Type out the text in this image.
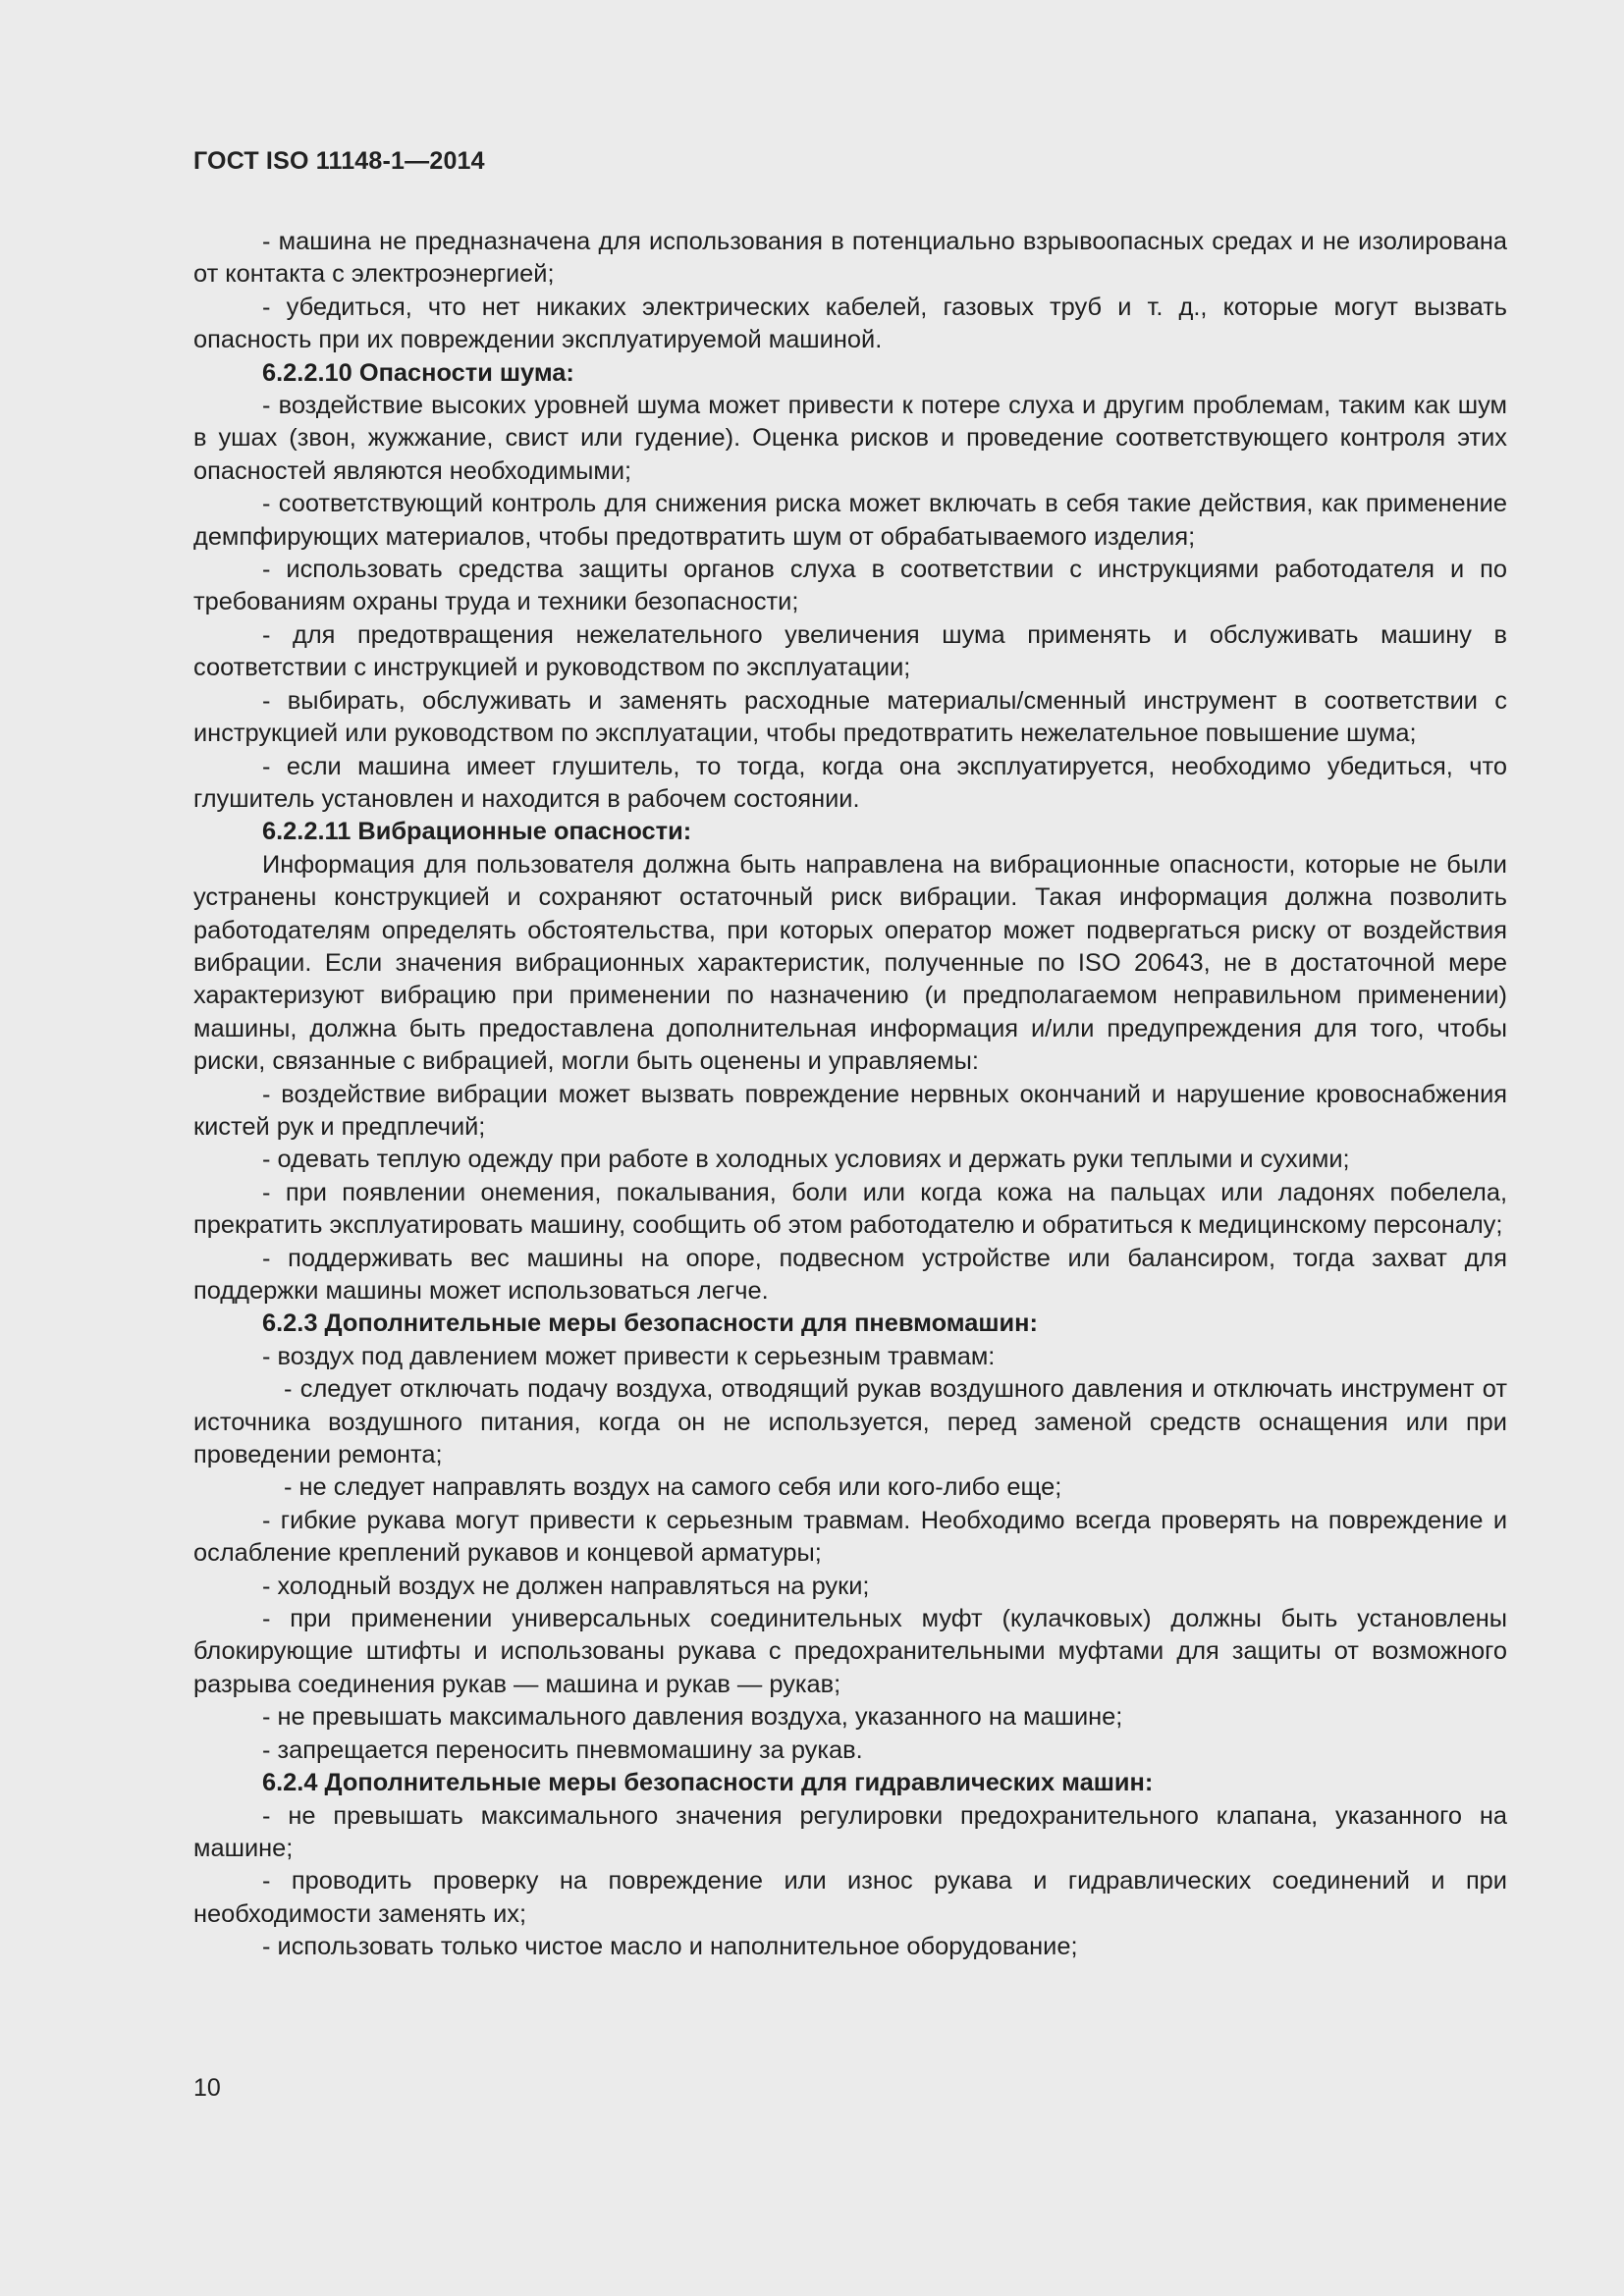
ГОСТ ISO 11148-1—2014

- машина не предназначена для использования в потенциально взрывоопасных средах и не изолирована от контакта с электроэнергией;

- убедиться, что нет никаких электрических кабелей, газовых труб и т. д., которые могут вызвать опасность при их повреждении эксплуатируемой машиной.

6.2.2.10 Опасности шума:

- воздействие высоких уровней шума может привести к потере слуха и другим проблемам, таким как шум в ушах (звон, жужжание, свист или гудение). Оценка рисков и проведение соответствующего контроля этих опасностей являются необходимыми;

- соответствующий контроль для снижения риска может включать в себя такие действия, как применение демпфирующих материалов, чтобы предотвратить шум от обрабатываемого изделия;

- использовать средства защиты органов слуха в соответствии с инструкциями работодателя и по требованиям охраны труда и техники безопасности;

- для предотвращения нежелательного увеличения шума применять и обслуживать машину в соответствии с инструкцией и руководством по эксплуатации;

- выбирать, обслуживать и заменять расходные материалы/сменный инструмент в соответствии с инструкцией или руководством по эксплуатации, чтобы предотвратить нежелательное повышение шума;

- если машина имеет глушитель, то тогда, когда она эксплуатируется, необходимо убедиться, что глушитель установлен и находится в рабочем состоянии.

6.2.2.11 Вибрационные опасности:

Информация для пользователя должна быть направлена на вибрационные опасности, которые не были устранены конструкцией и сохраняют остаточный риск вибрации. Такая информация должна позволить работодателям определять обстоятельства, при которых оператор может подвергаться риску от воздействия вибрации. Если значения вибрационных характеристик, полученные по ISO 20643, не в достаточной мере характеризуют вибрацию при применении по назначению (и предполагаемом неправильном применении) машины, должна быть предоставлена дополнительная информация и/или предупреждения для того, чтобы риски, связанные с вибрацией, могли быть оценены и управляемы:

- воздействие вибрации может вызвать повреждение нервных окончаний и нарушение кровоснабжения кистей рук и предплечий;

- одевать теплую одежду при работе в холодных условиях и держать руки теплыми и сухими;

- при появлении онемения, покалывания, боли или когда кожа на пальцах или ладонях побелела, прекратить эксплуатировать машину, сообщить об этом работодателю и обратиться к медицинскому персоналу;

- поддерживать вес машины на опоре, подвесном устройстве или балансиром, тогда захват для поддержки машины может использоваться легче.

6.2.3 Дополнительные меры безопасности для пневмомашин:

- воздух под давлением может привести к серьезным травмам:

- следует отключать подачу воздуха, отводящий рукав воздушного давления и отключать инструмент от источника воздушного питания, когда он не используется, перед заменой средств оснащения или при проведении ремонта;

- не следует направлять воздух на самого себя или кого-либо еще;

- гибкие рукава могут привести к серьезным травмам. Необходимо всегда проверять на повреждение и ослабление креплений рукавов и концевой арматуры;

- холодный воздух не должен направляться на руки;

- при применении универсальных соединительных муфт (кулачковых) должны быть установлены блокирующие штифты и использованы рукава с предохранительными муфтами для защиты от возможного разрыва соединения рукав — машина и рукав — рукав;

- не превышать максимального давления воздуха, указанного на машине;

- запрещается переносить пневмомашину за рукав.

6.2.4 Дополнительные меры безопасности для гидравлических машин:

- не превышать максимального значения регулировки предохранительного клапана, указанного на машине;

- проводить проверку на повреждение или износ рукава и гидравлических соединений и при необходимости заменять их;

- использовать только чистое масло и наполнительное оборудование;

10
